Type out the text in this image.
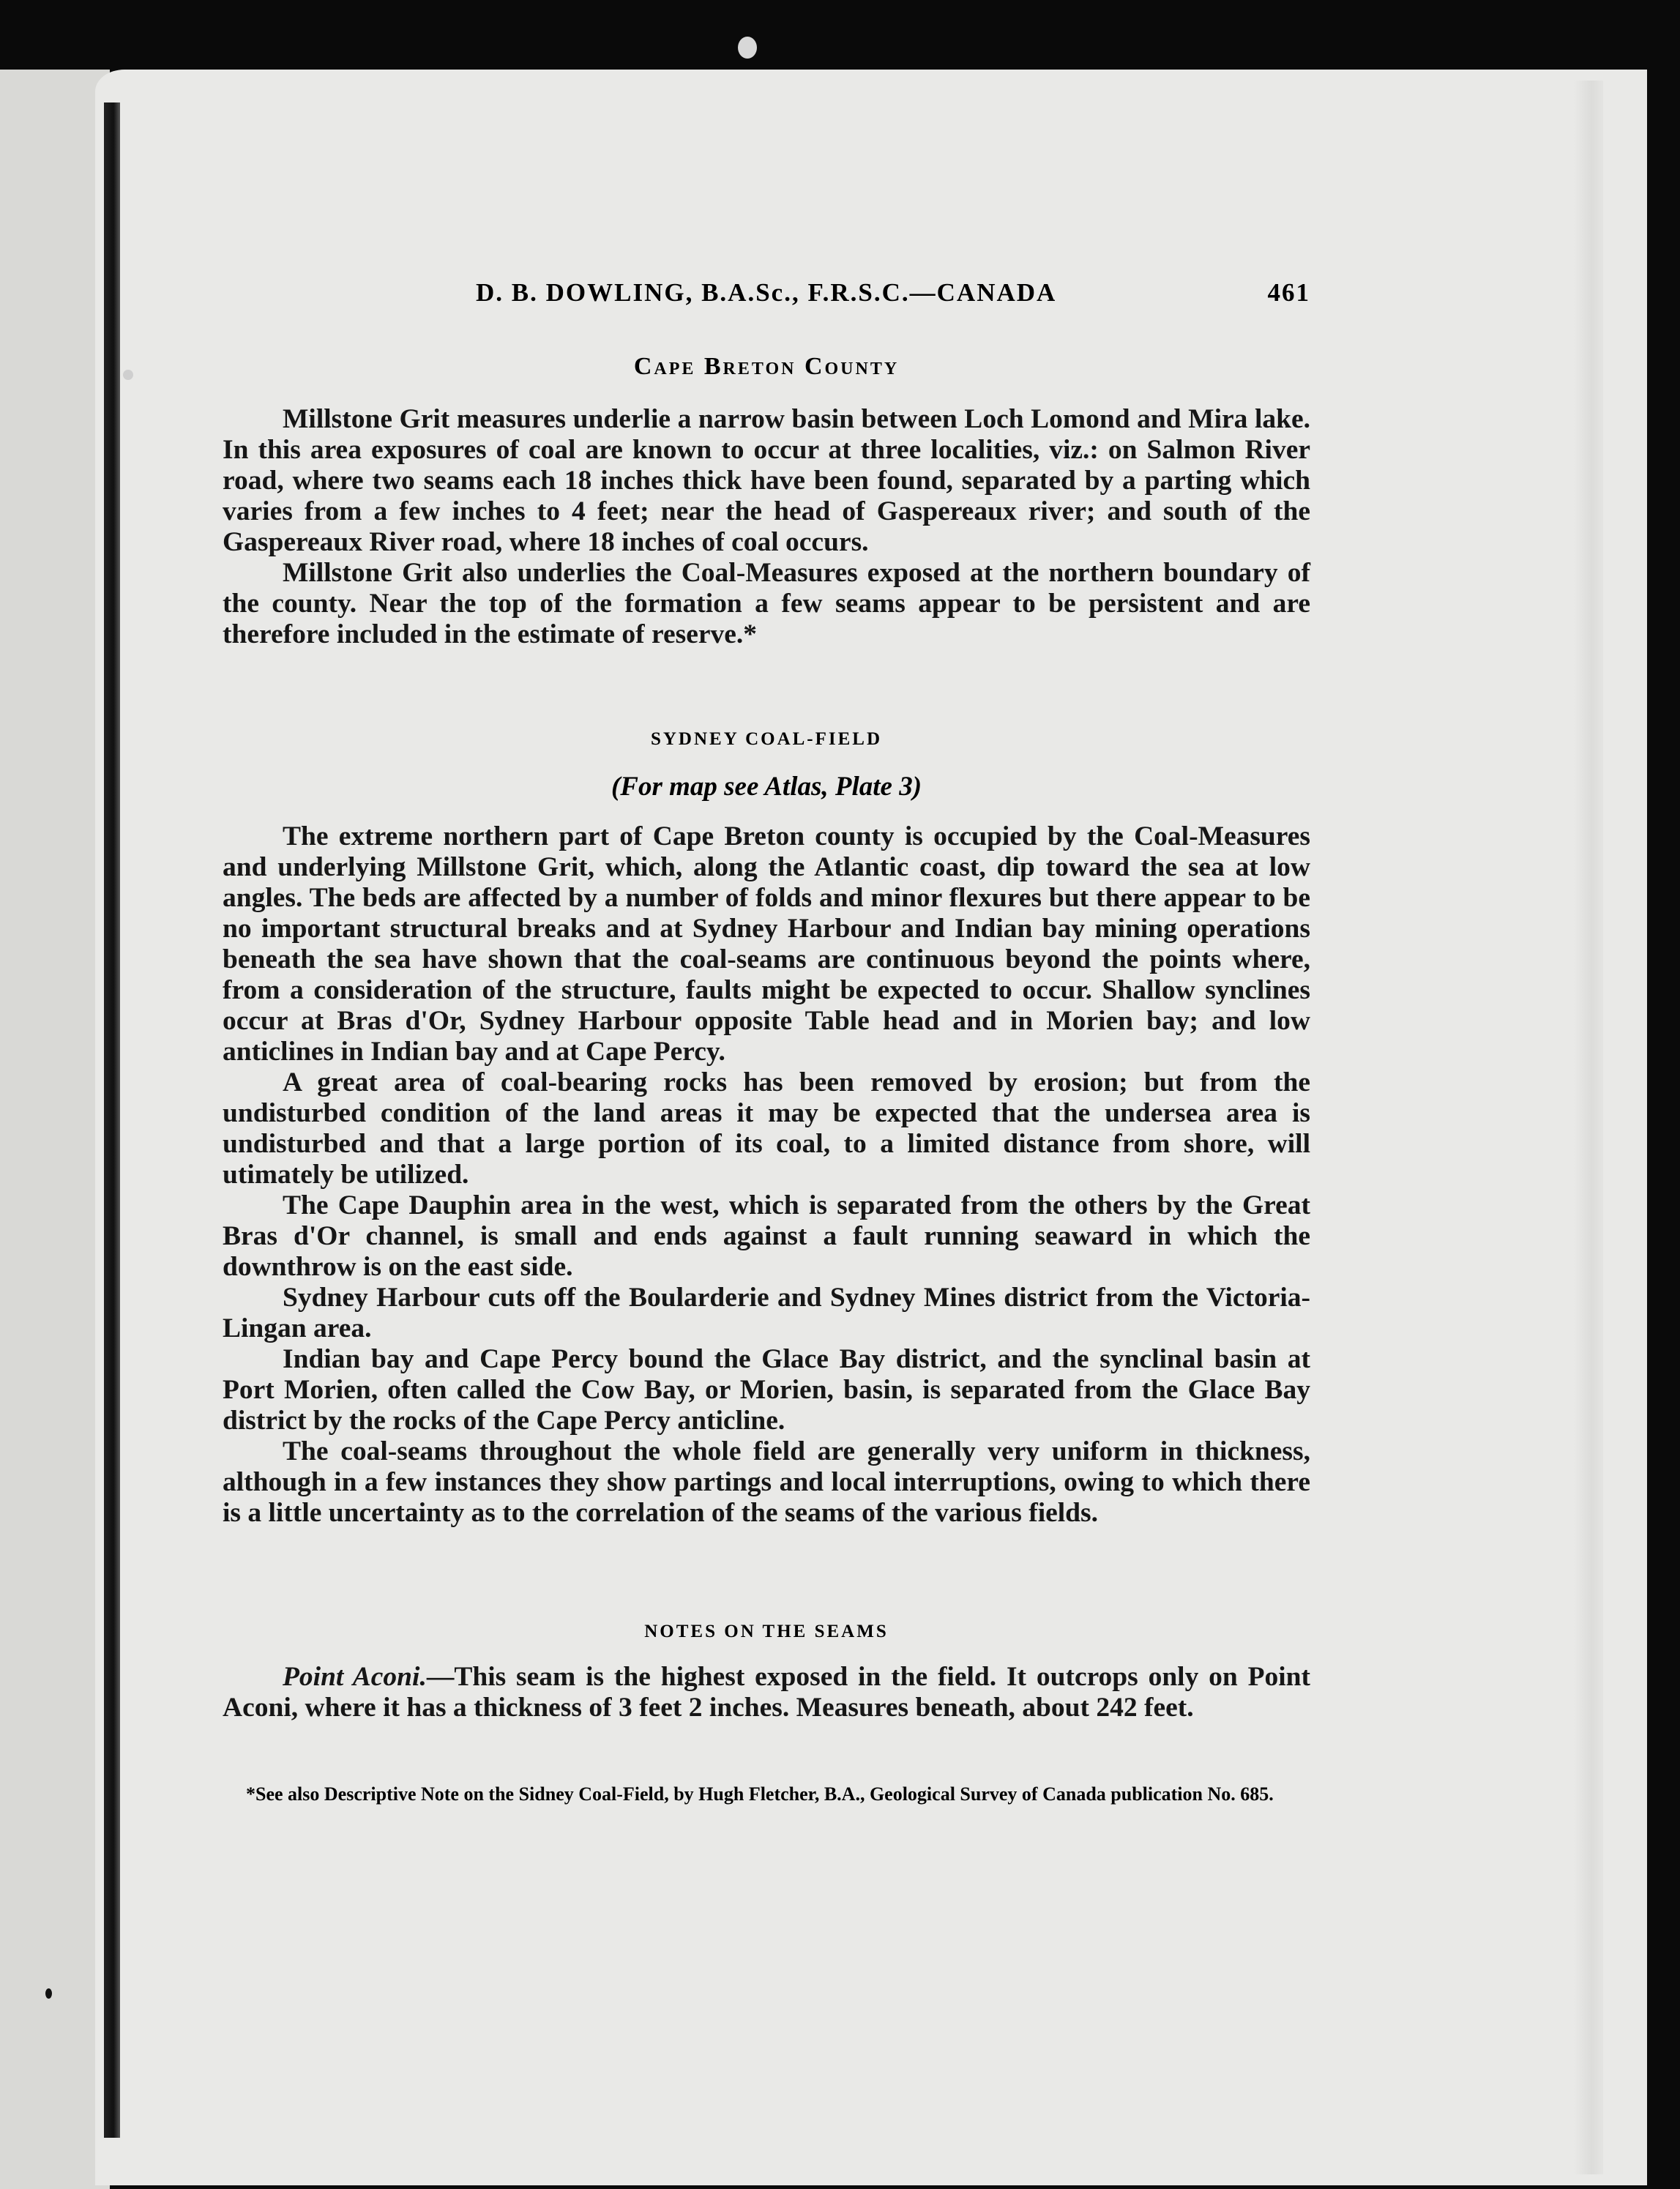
D. B. DOWLING, B.A.Sc., F.R.S.C.—CANADA	461
Cape Breton County

Millstone Grit measures underlie a narrow basin between Loch Lomond and Mira lake. In this area exposures of coal are known to occur at three localities, viz.: on Salmon River road, where two seams each 18 inches thick have been found, separated by a parting which varies from a few inches to 4 feet; near the head of Gaspereaux river; and south of the Gaspereaux River road, where 18 inches of coal occurs.

Millstone Grit also underlies the Coal-Measures exposed at the northern boundary of the county. Near the top of the formation a few seams appear to be persistent and are therefore included in the estimate of reserve.*

SYDNEY COAL-FIELD
(For map see Atlas, Plate 3)

The extreme northern part of Cape Breton county is occupied by the Coal-Measures and underlying Millstone Grit, which, along the Atlantic coast, dip toward the sea at low angles. The beds are affected by a number of folds and minor flexures but there appear to be no important structural breaks and at Sydney Harbour and Indian bay mining operations beneath the sea have shown that the coal-seams are continuous beyond the points where, from a consideration of the structure, faults might be expected to occur. Shallow synclines occur at Bras d'Or, Sydney Harbour opposite Table head and in Morien bay; and low anticlines in Indian bay and at Cape Percy.

A great area of coal-bearing rocks has been removed by erosion; but from the undisturbed condition of the land areas it may be expected that the undersea area is undisturbed and that a large portion of its coal, to a limited distance from shore, will utimately be utilized.

The Cape Dauphin area in the west, which is separated from the others by the Great Bras d'Or channel, is small and ends against a fault running seaward in which the downthrow is on the east side.

Sydney Harbour cuts off the Boularderie and Sydney Mines district from the Victoria-Lingan area.

Indian bay and Cape Percy bound the Glace Bay district, and the synclinal basin at Port Morien, often called the Cow Bay, or Morien, basin, is separated from the Glace Bay district by the rocks of the Cape Percy anticline.

The coal-seams throughout the whole field are generally very uniform in thickness, although in a few instances they show partings and local interruptions, owing to which there is a little uncertainty as to the correlation of the seams of the various fields.

NOTES ON THE SEAMS

Point Aconi.—This seam is the highest exposed in the field. It outcrops only on Point Aconi, where it has a thickness of 3 feet 2 inches. Measures beneath, about 242 feet.

*See also Descriptive Note on the Sidney Coal-Field, by Hugh Fletcher, B.A., Geological Survey of Canada publication No. 685.
